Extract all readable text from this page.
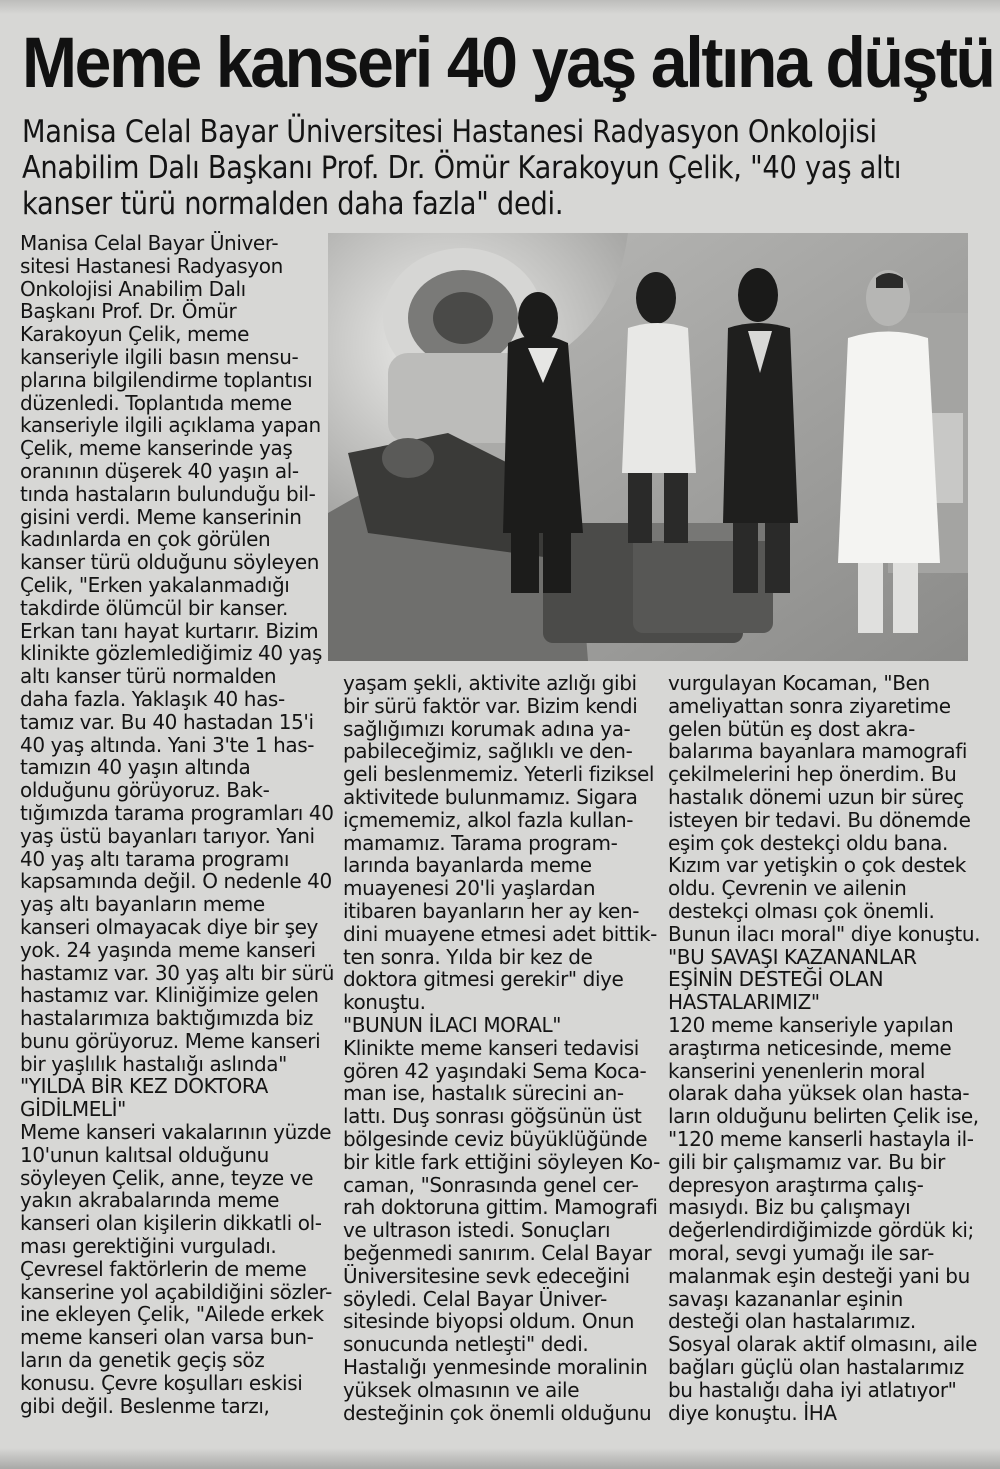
Meme kanseri 40 yaş altına düştü
Manisa Celal Bayar Üniversitesi Hastanesi Radyasyon Onkolojisi
Anabilim Dalı Başkanı Prof. Dr. Ömür Karakoyun Çelik, "40 yaş altı
kanser türü normalden daha fazla" dedi.
Manisa Celal Bayar Üniver-
sitesi Hastanesi Radyasyon
Onkolojisi Anabilim Dalı
Başkanı Prof. Dr. Ömür
Karakoyun Çelik, meme
kanseriyle ilgili basın mensu-
plarına bilgilendirme toplantısı
düzenledi. Toplantıda meme
kanseriyle ilgili açıklama yapan
Çelik, meme kanserinde yaş
oranının düşerek 40 yaşın al-
tında hastaların bulunduğu bil-
gisini verdi. Meme kanserinin
kadınlarda en çok görülen
kanser türü olduğunu söyleyen
Çelik, "Erken yakalanmadığı
takdirde ölümcül bir kanser.
Erkan tanı hayat kurtarır. Bizim
klinikte gözlemlediğimiz 40 yaş
altı kanser türü normalden
daha fazla. Yaklaşık 40 has-
tamız var. Bu 40 hastadan 15'i
40 yaş altında. Yani 3'te 1 has-
tamızın 40 yaşın altında
olduğunu görüyoruz. Bak-
tığımızda tarama programları 40
yaş üstü bayanları tarıyor. Yani
40 yaş altı tarama programı
kapsamında değil. O nedenle 40
yaş altı bayanların meme
kanseri olmayacak diye bir şey
yok. 24 yaşında meme kanseri
hastamız var. 30 yaş altı bir sürü
hastamız var. Kliniğimize gelen
hastalarımıza baktığımızda biz
bunu görüyoruz. Meme kanseri
bir yaşlılık hastalığı aslında"
"YILDA BİR KEZ DOKTORA
GİDİLMELİ"
Meme kanseri vakalarının yüzde
10'unun kalıtsal olduğunu
söyleyen Çelik, anne, teyze ve
yakın akrabalarında meme
kanseri olan kişilerin dikkatli ol-
ması gerektiğini vurguladı.
Çevresel faktörlerin de meme
kanserine yol açabildiğini sözler-
ine ekleyen Çelik, "Ailede erkek
meme kanseri olan varsa bun-
ların da genetik geçiş söz
konusu. Çevre koşulları eskisi
gibi değil. Beslenme tarzı,
yaşam şekli, aktivite azlığı gibi
bir sürü faktör var. Bizim kendi
sağlığımızı korumak adına ya-
pabileceğimiz, sağlıklı ve den-
geli beslenmemiz. Yeterli fiziksel
aktivitede bulunmamız. Sigara
içmememiz, alkol fazla kullan-
mamamız. Tarama program-
larında bayanlarda meme
muayenesi 20'li yaşlardan
itibaren bayanların her ay ken-
dini muayene etmesi adet bittik-
ten sonra. Yılda bir kez de
doktora gitmesi gerekir" diye
konuştu.
"BUNUN İLACI MORAL"
Klinikte meme kanseri tedavisi
gören 42 yaşındaki Sema Koca-
man ise, hastalık sürecini an-
lattı. Duş sonrası göğsünün üst
bölgesinde ceviz büyüklüğünde
bir kitle fark ettiğini söyleyen Ko-
caman, "Sonrasında genel cer-
rah doktoruna gittim. Mamografi
ve ultrason istedi. Sonuçları
beğenmedi sanırım. Celal Bayar
Üniversitesine sevk edeceğini
söyledi. Celal Bayar Üniver-
sitesinde biyopsi oldum. Onun
sonucunda netleşti" dedi.
Hastalığı yenmesinde moralinin
yüksek olmasının ve aile
desteğinin çok önemli olduğunu
vurgulayan Kocaman, "Ben
ameliyattan sonra ziyaretime
gelen bütün eş dost akra-
balarıma bayanlara mamografi
çekilmelerini hep önerdim. Bu
hastalık dönemi uzun bir süreç
isteyen bir tedavi. Bu dönemde
eşim çok destekçi oldu bana.
Kızım var yetişkin o çok destek
oldu. Çevrenin ve ailenin
destekçi olması çok önemli.
Bunun ilacı moral" diye konuştu.
"BU SAVAŞI KAZANANLAR
EŞİNİN DESTEĞİ OLAN
HASTALARIMIZ"
120 meme kanseriyle yapılan
araştırma neticesinde, meme
kanserini yenenlerin moral
olarak daha yüksek olan hasta-
ların olduğunu belirten Çelik ise,
"120 meme kanserli hastayla il-
gili bir çalışmamız var. Bu bir
depresyon araştırma çalış-
masıydı. Biz bu çalışmayı
değerlendirdiğimizde gördük ki;
moral, sevgi yumağı ile sar-
malanmak eşin desteği yani bu
savaşı kazananlar eşinin
desteği olan hastalarımız.
Sosyal olarak aktif olmasını, aile
bağları güçlü olan hastalarımız
bu hastalığı daha iyi atlatıyor"
diye konuştu. İHA
